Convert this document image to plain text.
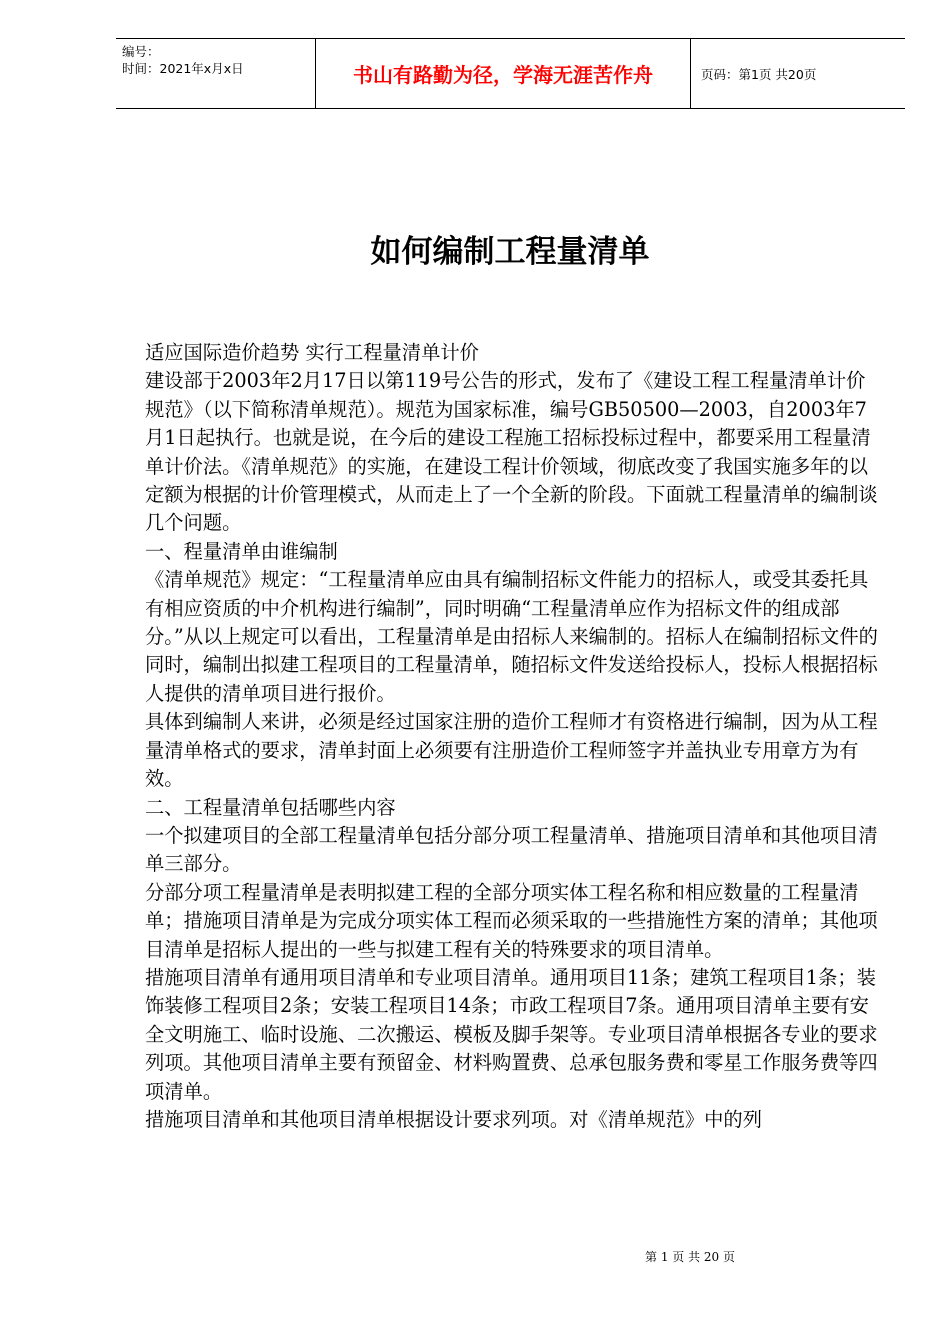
编号：
时间：2021年x月x日	书山有路勤为径，学海无涯苦作舟	页码：第1页 共20页
如何编制工程量清单

适应国际造价趋势 实行工程量清单计价

建设部于2003年2月17日以第119号公告的形式，发布了《建设工程工程量清单计价规范》（以下简称清单规范）。规范为国家标准，编号GB50500—2003，自2003年7月1日起执行。也就是说，在今后的建设工程施工招标投标过程中，都要采用工程量清单计价法。《清单规范》的实施，在建设工程计价领域，彻底改变了我国实施多年的以定额为根据的计价管理模式，从而走上了一个全新的阶段。下面就工程量清单的编制谈几个问题。

一、程量清单由谁编制

《清单规范》规定：“工程量清单应由具有编制招标文件能力的招标人，或受其委托具有相应资质的中介机构进行编制”，同时明确“工程量清单应作为招标文件的组成部分。”从以上规定可以看出，工程量清单是由招标人来编制的。招标人在编制招标文件的同时，编制出拟建工程项目的工程量清单，随招标文件发送给投标人，投标人根据招标人提供的清单项目进行报价。

具体到编制人来讲，必须是经过国家注册的造价工程师才有资格进行编制，因为从工程量清单格式的要求，清单封面上必须要有注册造价工程师签字并盖执业专用章方为有效。

二、工程量清单包括哪些内容

一个拟建项目的全部工程量清单包括分部分项工程量清单、措施项目清单和其他项目清单三部分。

分部分项工程量清单是表明拟建工程的全部分项实体工程名称和相应数量的工程量清单；措施项目清单是为完成分项实体工程而必须采取的一些措施性方案的清单；其他项目清单是招标人提出的一些与拟建工程有关的特殊要求的项目清单。

措施项目清单有通用项目清单和专业项目清单。通用项目11条；建筑工程项目1条；装饰装修工程项目2条；安装工程项目14条；市政工程项目7条。通用项目清单主要有安全文明施工、临时设施、二次搬运、模板及脚手架等。专业项目清单根据各专业的要求列项。其他项目清单主要有预留金、材料购置费、总承包服务费和零星工作服务费等四项清单。

措施项目清单和其他项目清单根据设计要求列项。对《清单规范》中的列

第 1 页 共 20 页
